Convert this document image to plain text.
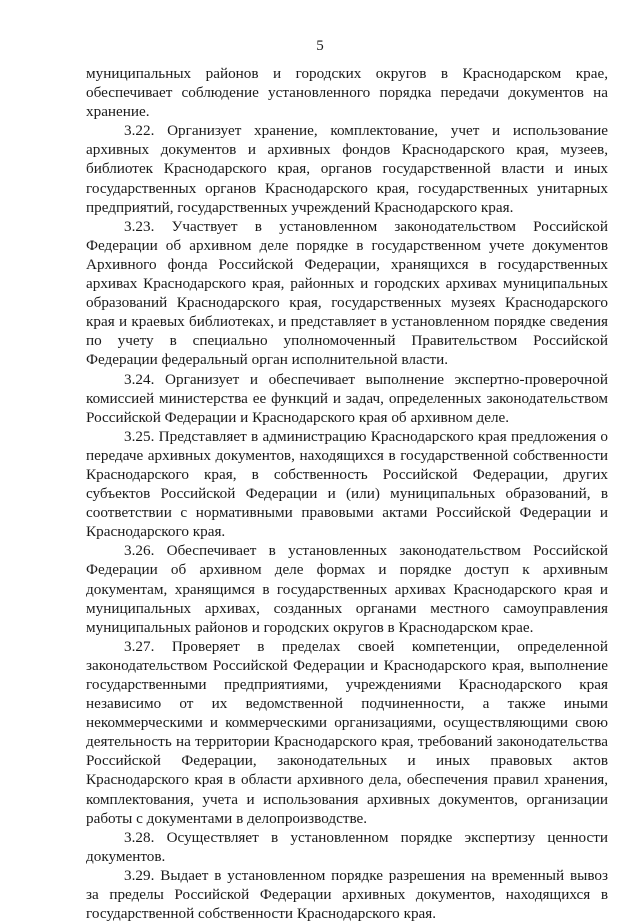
5

муниципальных районов и городских округов в Краснодарском крае, обеспечивает соблюдение установленного порядка передачи документов на хранение.

3.22. Организует хранение, комплектование, учет и использование архивных документов и архивных фондов Краснодарского края, музеев, библиотек Краснодарского края, органов государственной власти и иных государственных органов Краснодарского края, государственных унитарных предприятий, государственных учреждений Краснодарского края.

3.23. Участвует в установленном законодательством Российской Федерации об архивном деле порядке в государственном учете документов Архивного фонда Российской Федерации, хранящихся в государственных архивах Краснодарского края, районных и городских архивах муниципальных образований Краснодарского края, государственных музеях Краснодарского края и краевых библиотеках, и представляет в установленном порядке сведения по учету в специально уполномоченный Правительством Российской Федерации федеральный орган исполнительной власти.

3.24. Организует и обеспечивает выполнение экспертно-проверочной комиссией министерства ее функций и задач, определенных законодательством Российской Федерации и Краснодарского края об архивном деле.

3.25. Представляет в администрацию Краснодарского края предложения о передаче архивных документов, находящихся в государственной собственности Краснодарского края, в собственность Российской Федерации, других субъектов Российской Федерации и (или) муниципальных образований, в соответствии с нормативными правовыми актами Российской Федерации и Краснодарского края.

3.26. Обеспечивает в установленных законодательством Российской Федерации об архивном деле формах и порядке доступ к архивным документам, хранящимся в государственных архивах Краснодарского края и муниципальных архивах, созданных органами местного самоуправления муниципальных районов и городских округов в Краснодарском крае.

3.27. Проверяет в пределах своей компетенции, определенной законодательством Российской Федерации и Краснодарского края, выполнение государственными предприятиями, учреждениями Краснодарского края независимо от их ведомственной подчиненности, а также иными некоммерческими и коммерческими организациями, осуществляющими свою деятельность на территории Краснодарского края, требований законодательства Российской Федерации, законодательных и иных правовых актов Краснодарского края в области архивного дела, обеспечения правил хранения, комплектования, учета и использования архивных документов, организации работы с документами в делопроизводстве.

3.28. Осуществляет в установленном порядке экспертизу ценности документов.

3.29. Выдает в установленном порядке разрешения на временный вывоз за пределы Российской Федерации архивных документов, находящихся в государственной собственности Краснодарского края.
